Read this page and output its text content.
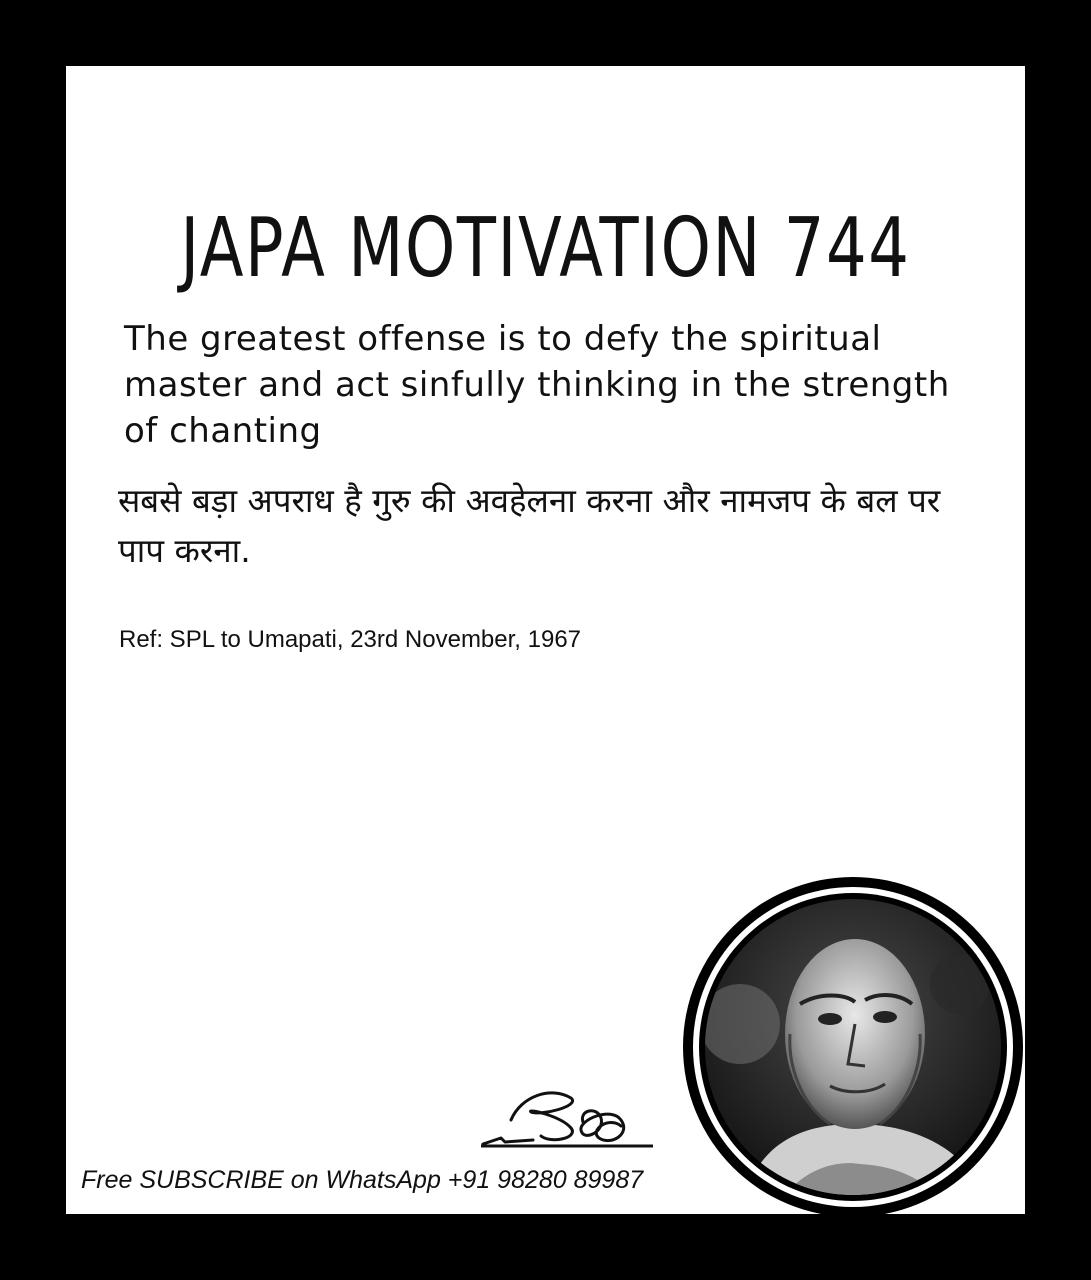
JAPA MOTIVATION 744
The greatest offense is to defy the spiritual master and act sinfully thinking in the strength of chanting
सबसे बड़ा अपराध है गुरु की अवहेलना करना और नामजप के बल पर पाप करना.
Ref: SPL to Umapati, 23rd November, 1967
Free SUBSCRIBE on WhatsApp +91 98280 89987
